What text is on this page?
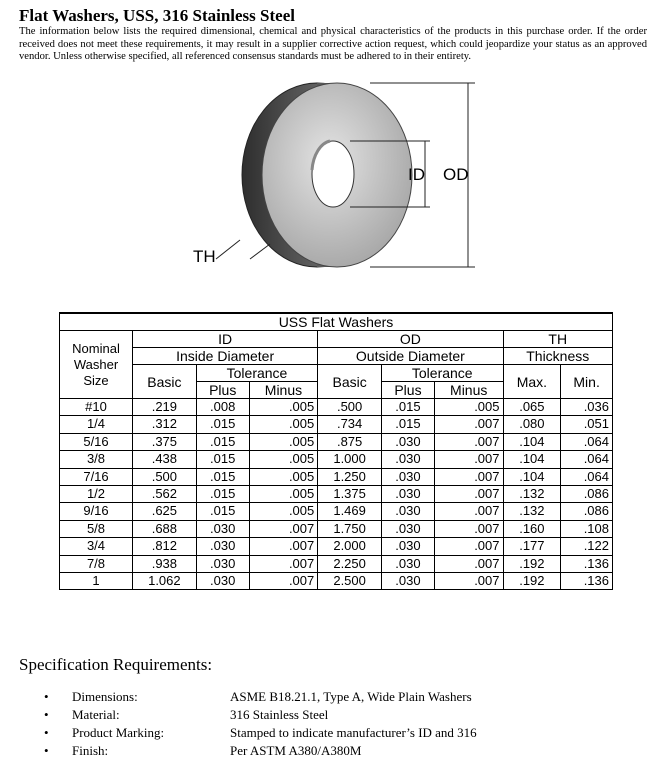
Flat Washers, USS, 316 Stainless Steel
The information below lists the required dimensional, chemical and physical characteristics of the products in this purchase order. If the order received does not meet these requirements, it may result in a supplier corrective action request, which could jeopardize your status as an approved vendor. Unless otherwise specified, all referenced consensus standards must be adhered to in their entirety.
ID OD
TH
USS Flat Washers								
Nominal Washer Size	ID			OD			TH	
	Inside Diameter			Outside Diameter			Thickness	
	Basic	Tolerance		Basic	Tolerance		Max.	Min.
		Plus	Minus		Plus	Minus		
#10	.219	.008	.005	.500	.015	.005	.065	.036
1/4	.312	.015	.005	.734	.015	.007	.080	.051
5/16	.375	.015	.005	.875	.030	.007	.104	.064
3/8	.438	.015	.005	1.000	.030	.007	.104	.064
7/16	.500	.015	.005	1.250	.030	.007	.104	.064
1/2	.562	.015	.005	1.375	.030	.007	.132	.086
9/16	.625	.015	.005	1.469	.030	.007	.132	.086
5/8	.688	.030	.007	1.750	.030	.007	.160	.108
3/4	.812	.030	.007	2.000	.030	.007	.177	.122
7/8	.938	.030	.007	2.250	.030	.007	.192	.136
1	1.062	.030	.007	2.500	.030	.007	.192	.136
Specification Requirements:
• Dimensions:	ASME B18.21.1, Type A, Wide Plain Washers
• Material:	316 Stainless Steel
• Product Marking:	Stamped to indicate manufacturer’s ID and 316
• Finish:	Per ASTM A380/A380M
